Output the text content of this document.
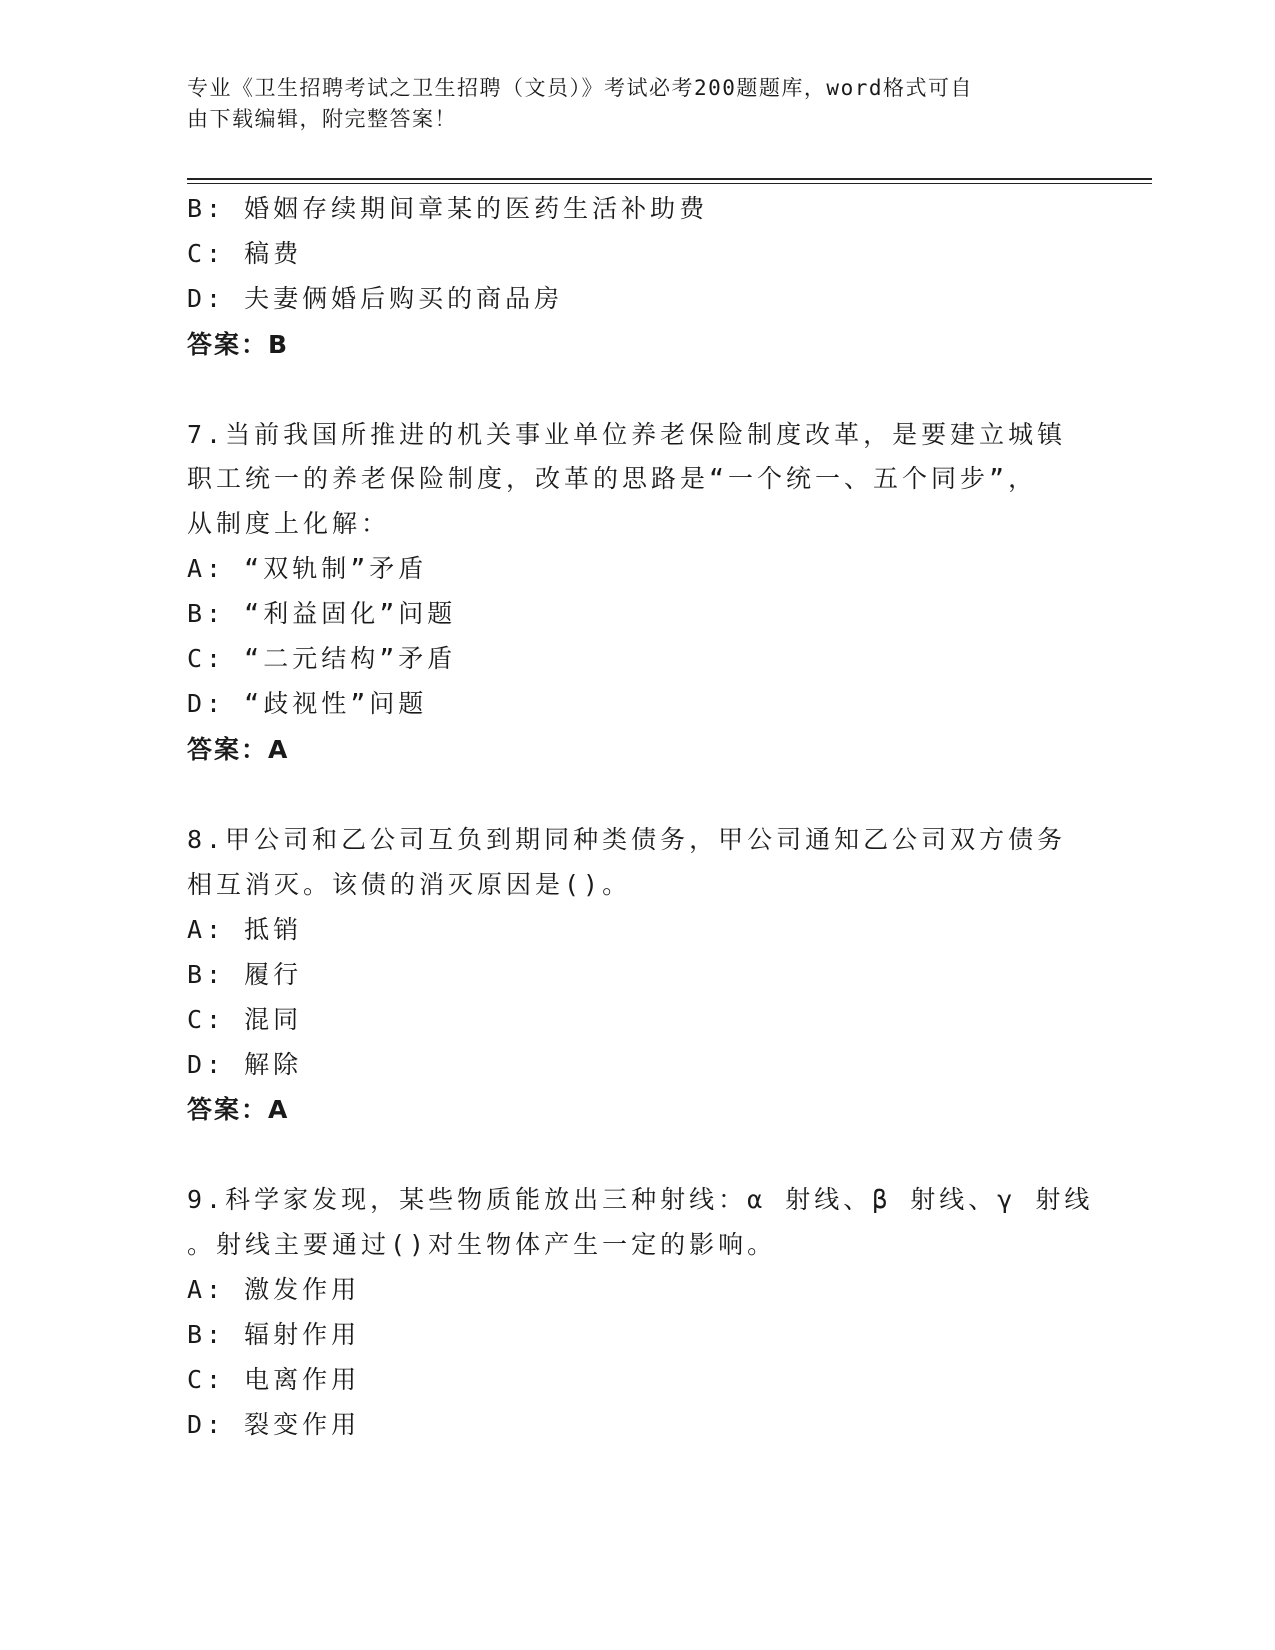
专业《卫生招聘考试之卫生招聘（文员）》考试必考200题题库，word格式可自
由下载编辑，附完整答案！
B: 婚姻存续期间章某的医药生活补助费
C: 稿费
D: 夫妻俩婚后购买的商品房
答案：B
7.当前我国所推进的机关事业单位养老保险制度改革，是要建立城镇
职工统一的养老保险制度，改革的思路是“一个统一、五个同步”，
从制度上化解：
A: “双轨制”矛盾
B: “利益固化”问题
C: “二元结构”矛盾
D: “歧视性”问题
答案：A
8.甲公司和乙公司互负到期同种类债务，甲公司通知乙公司双方债务
相互消灭。该债的消灭原因是()。
A: 抵销
B: 履行
C: 混同
D: 解除
答案：A
9.科学家发现，某些物质能放出三种射线：α 射线、β 射线、γ 射线
。射线主要通过()对生物体产生一定的影响。
A: 激发作用
B: 辐射作用
C: 电离作用
D: 裂变作用
